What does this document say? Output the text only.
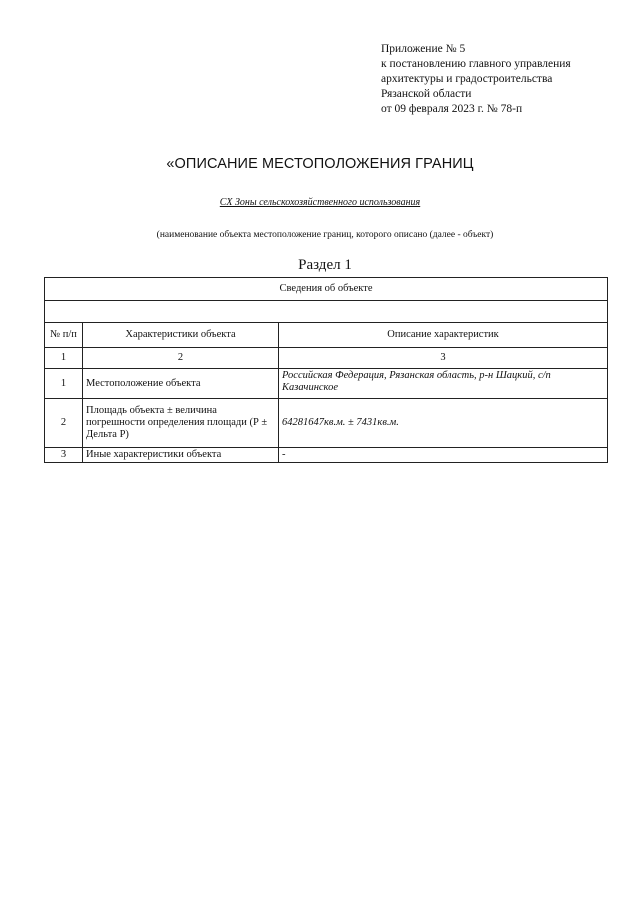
Приложение № 5
к постановлению главного управления
архитектуры и градостроительства
Рязанской области
от 09 февраля 2023 г. № 78-п
«ОПИСАНИЕ МЕСТОПОЛОЖЕНИЯ ГРАНИЦ
СХ Зоны сельскохозяйственного использования
(наименование объекта местоположение границ, которого описано (далее - объект)
Раздел 1
Сведения об объекте		

№ п/п	Характеристики объекта	Описание характеристик
1	2	3
1	Местоположение объекта	Российская Федерация, Рязанская область, р-н Шацкий, с/п Казачинское
2	Площадь объекта ± величина погрешности определения площади (Р ± Дельта Р)	64281647кв.м. ± 7431кв.м.
3	Иные характеристики объекта	-
